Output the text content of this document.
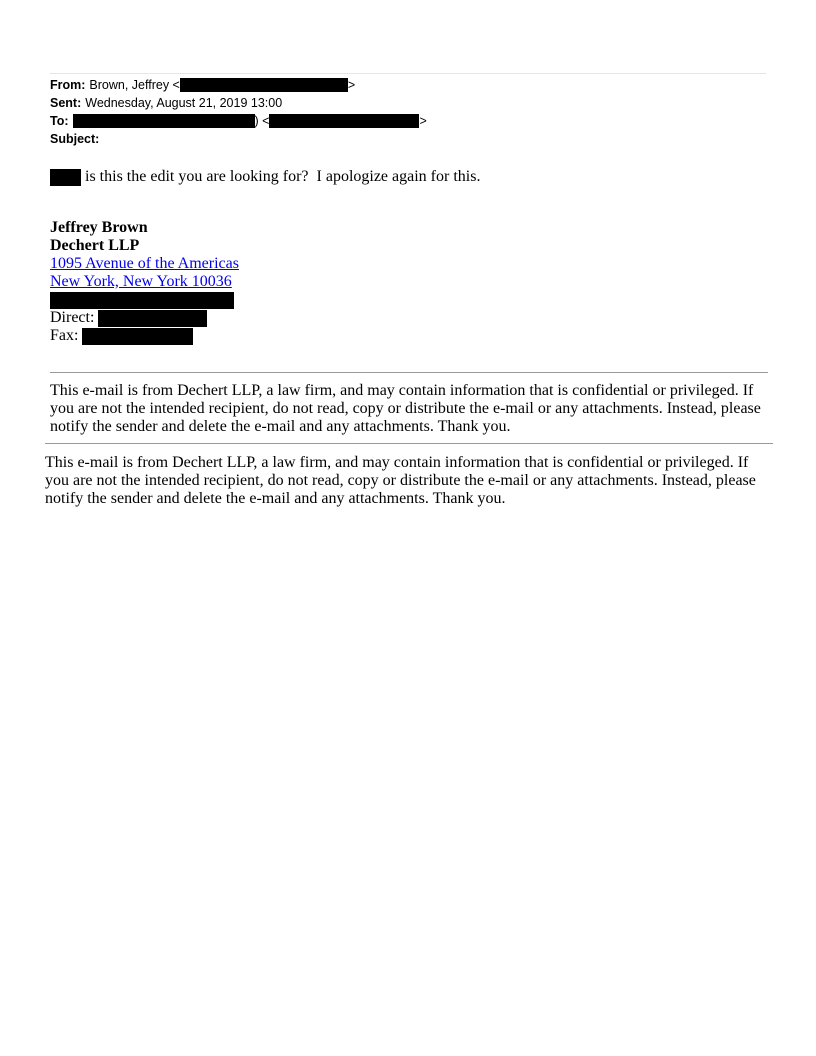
From: Brown, Jeffrey <	>
Sent: Wednesday, August 21, 2019 13:00
To:	) <	>
Subject:
is this the edit you are looking for?  I apologize again for this.
Jeffrey Brown
Dechert LLP
1095 Avenue of the Americas
New York, New York 10036
Direct:
Fax:
This e-mail is from Dechert LLP, a law firm, and may contain information that is confidential or privileged. If you are not the intended recipient, do not read, copy or distribute the e-mail or any attachments. Instead, please notify the sender and delete the e-mail and any attachments. Thank you.
This e-mail is from Dechert LLP, a law firm, and may contain information that is confidential or privileged. If you are not the intended recipient, do not read, copy or distribute the e-mail or any attachments. Instead, please notify the sender and delete the e-mail and any attachments. Thank you.
